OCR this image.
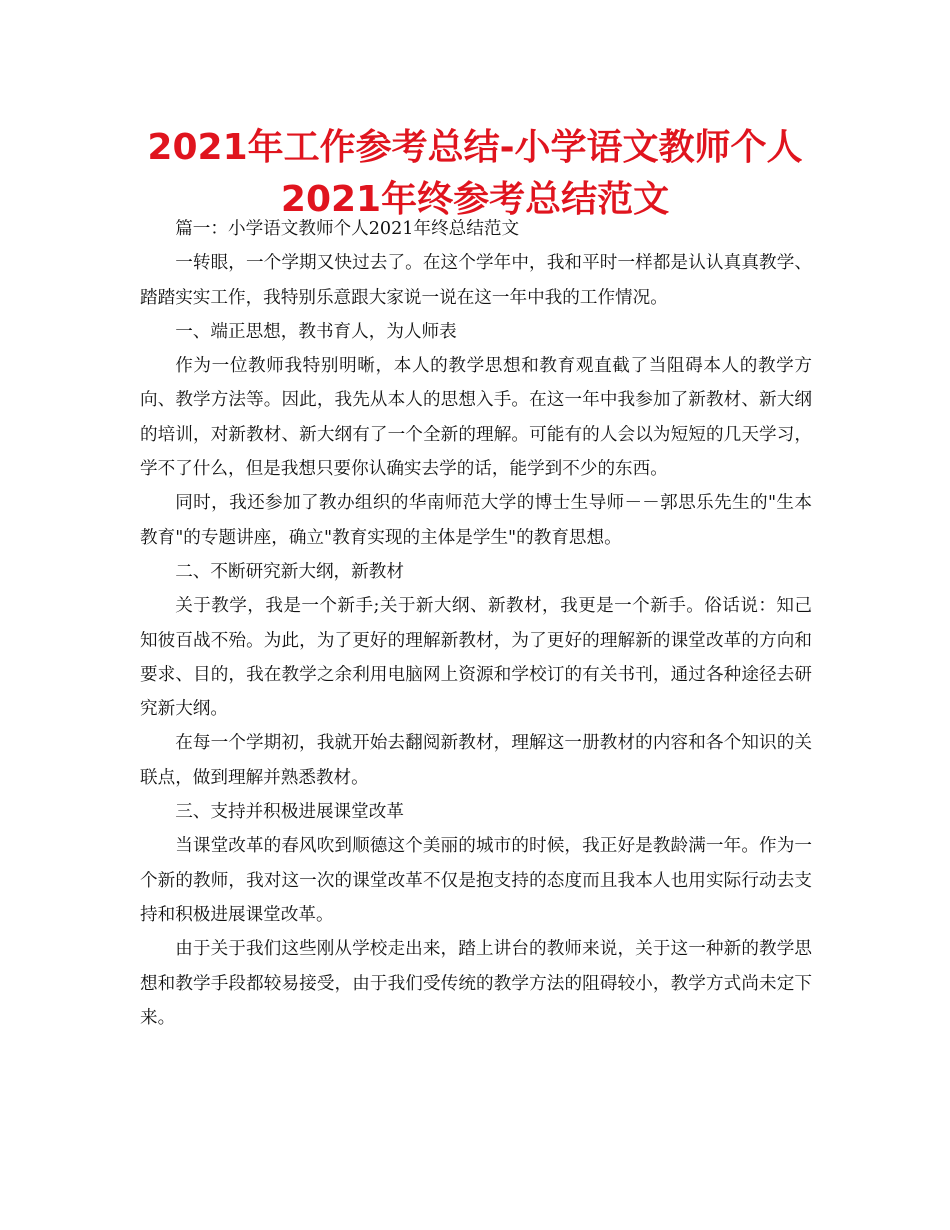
2021年工作参考总结-小学语文教师个人2021年终参考总结范文

篇一：小学语文教师个人2021年终总结范文

一转眼，一个学期又快过去了。在这个学年中，我和平时一样都是认认真真教学、踏踏实实工作，我特别乐意跟大家说一说在这一年中我的工作情况。

一、端正思想，教书育人，为人师表

作为一位教师我特别明晰，本人的教学思想和教育观直截了当阻碍本人的教学方向、教学方法等。因此，我先从本人的思想入手。在这一年中我参加了新教材、新大纲的培训，对新教材、新大纲有了一个全新的理解。可能有的人会以为短短的几天学习，学不了什么，但是我想只要你认确实去学的话，能学到不少的东西。

同时，我还参加了教办组织的华南师范大学的博士生导师－－郭思乐先生的"生本教育"的专题讲座，确立"教育实现的主体是学生"的教育思想。

二、不断研究新大纲，新教材

关于教学，我是一个新手;关于新大纲、新教材，我更是一个新手。俗话说：知己知彼百战不殆。为此，为了更好的理解新教材，为了更好的理解新的课堂改革的方向和要求、目的，我在教学之余利用电脑网上资源和学校订的有关书刊，通过各种途径去研究新大纲。

在每一个学期初，我就开始去翻阅新教材，理解这一册教材的内容和各个知识的关联点，做到理解并熟悉教材。

三、支持并积极进展课堂改革

当课堂改革的春风吹到顺德这个美丽的城市的时候，我正好是教龄满一年。作为一个新的教师，我对这一次的课堂改革不仅是抱支持的态度而且我本人也用实际行动去支持和积极进展课堂改革。

由于关于我们这些刚从学校走出来，踏上讲台的教师来说，关于这一种新的教学思想和教学手段都较易接受，由于我们受传统的教学方法的阻碍较小，教学方式尚未定下来。
